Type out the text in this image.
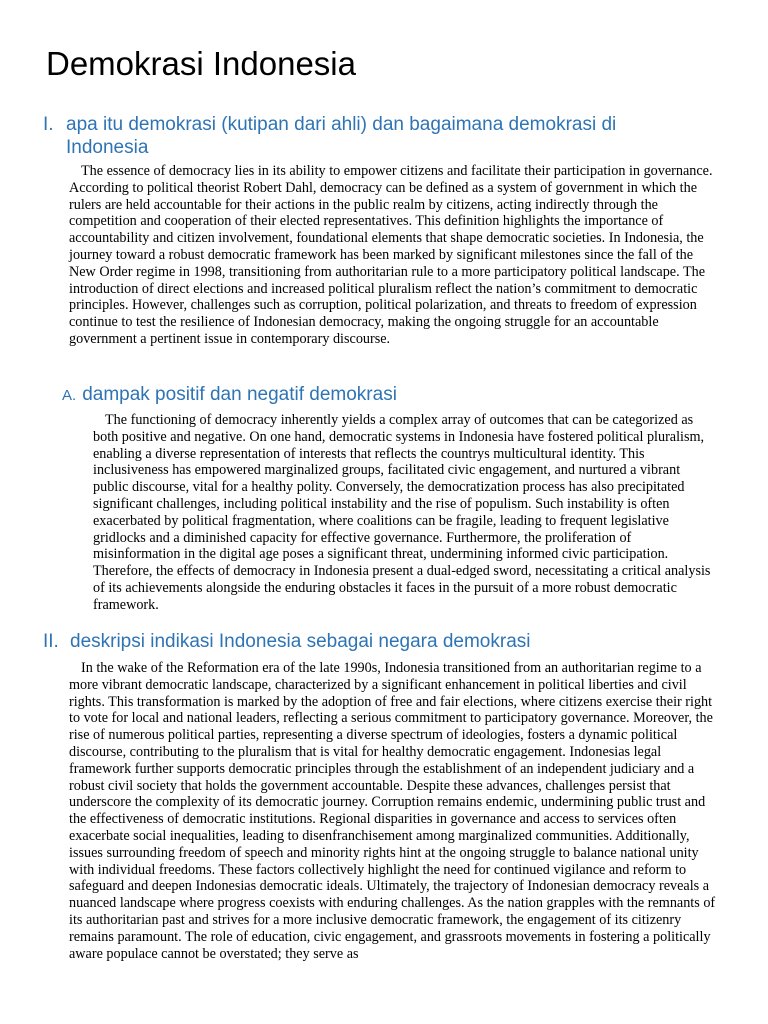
Demokrasi Indonesia
I. apa itu demokrasi (kutipan dari ahli) dan bagaimana demokrasi di Indonesia

The essence of democracy lies in its ability to empower citizens and facilitate their participation in governance. According to political theorist Robert Dahl, democracy can be defined as a system of government in which the rulers are held accountable for their actions in the public realm by citizens, acting indirectly through the competition and cooperation of their elected representatives. This definition highlights the importance of accountability and citizen involvement, foundational elements that shape democratic societies. In Indonesia, the journey toward a robust democratic framework has been marked by significant milestones since the fall of the New Order regime in 1998, transitioning from authoritarian rule to a more participatory political landscape. The introduction of direct elections and increased political pluralism reflect the nation’s commitment to democratic principles. However, challenges such as corruption, political polarization, and threats to freedom of expression continue to test the resilience of Indonesian democracy, making the ongoing struggle for an accountable government a pertinent issue in contemporary discourse.

A. dampak positif dan negatif demokrasi

The functioning of democracy inherently yields a complex array of outcomes that can be categorized as both positive and negative. On one hand, democratic systems in Indonesia have fostered political pluralism, enabling a diverse representation of interests that reflects the countrys multicultural identity. This inclusiveness has empowered marginalized groups, facilitated civic engagement, and nurtured a vibrant public discourse, vital for a healthy polity. Conversely, the democratization process has also precipitated significant challenges, including political instability and the rise of populism. Such instability is often exacerbated by political fragmentation, where coalitions can be fragile, leading to frequent legislative gridlocks and a diminished capacity for effective governance. Furthermore, the proliferation of misinformation in the digital age poses a significant threat, undermining informed civic participation. Therefore, the effects of democracy in Indonesia present a dual-edged sword, necessitating a critical analysis of its achievements alongside the enduring obstacles it faces in the pursuit of a more robust democratic framework.

II. deskripsi indikasi Indonesia sebagai negara demokrasi

In the wake of the Reformation era of the late 1990s, Indonesia transitioned from an authoritarian regime to a more vibrant democratic landscape, characterized by a significant enhancement in political liberties and civil rights. This transformation is marked by the adoption of free and fair elections, where citizens exercise their right to vote for local and national leaders, reflecting a serious commitment to participatory governance. Moreover, the rise of numerous political parties, representing a diverse spectrum of ideologies, fosters a dynamic political discourse, contributing to the pluralism that is vital for healthy democratic engagement. Indonesias legal framework further supports democratic principles through the establishment of an independent judiciary and a robust civil society that holds the government accountable. Despite these advances, challenges persist that underscore the complexity of its democratic journey. Corruption remains endemic, undermining public trust and the effectiveness of democratic institutions. Regional disparities in governance and access to services often exacerbate social inequalities, leading to disenfranchisement among marginalized communities. Additionally, issues surrounding freedom of speech and minority rights hint at the ongoing struggle to balance national unity with individual freedoms. These factors collectively highlight the need for continued vigilance and reform to safeguard and deepen Indonesias democratic ideals. Ultimately, the trajectory of Indonesian democracy reveals a nuanced landscape where progress coexists with enduring challenges. As the nation grapples with the remnants of its authoritarian past and strives for a more inclusive democratic framework, the engagement of its citizenry remains paramount. The role of education, civic engagement, and grassroots movements in fostering a politically aware populace cannot be overstated; they serve as
